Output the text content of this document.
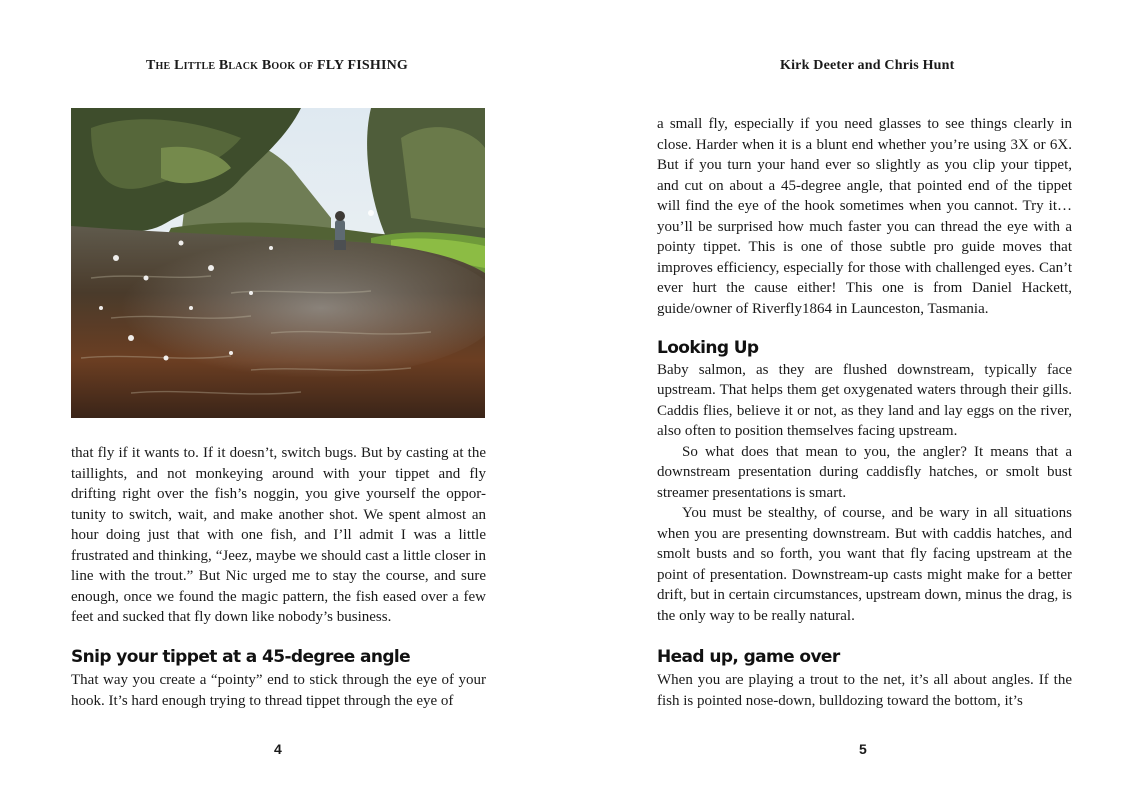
The Little Black Book of FLY FISHING

that fly if it wants to. If it doesn’t, switch bugs. But by casting at the taillights, and not monkeying around with your tippet and fly drifting right over the fish’s noggin, you give yourself the oppor-tunity to switch, wait, and make another shot. We spent almost an hour doing just that with one fish, and I’ll admit I was a little frustrated and thinking, “Jeez, maybe we should cast a little closer in line with the trout.” But Nic urged me to stay the course, and sure enough, once we found the magic pattern, the fish eased over a few feet and sucked that fly down like nobody’s business.

Snip your tippet at a 45-degree angle

That way you create a “pointy” end to stick through the eye of your hook. It’s hard enough trying to thread tippet through the eye of

4
Kirk Deeter and Chris Hunt

a small fly, especially if you need glasses to see things clearly in close. Harder when it is a blunt end whether you’re using 3X or 6X. But if you turn your hand ever so slightly as you clip your tippet, and cut on about a 45-degree angle, that pointed end of the tippet will find the eye of the hook sometimes when you cannot. Try it… you’ll be surprised how much faster you can thread the eye with a pointy tippet. This is one of those subtle pro guide moves that improves efficiency, especially for those with challenged eyes. Can’t ever hurt the cause either! This one is from Daniel Hackett, guide/owner of Riverfly1864 in Launceston, Tasmania.

Looking Up

Baby salmon, as they are flushed downstream, typically face upstream. That helps them get oxygenated waters through their gills. Caddis flies, believe it or not, as they land and lay eggs on the river, also often to position themselves facing upstream.

So what does that mean to you, the angler? It means that a downstream presentation during caddisfly hatches, or smolt bust streamer presentations is smart.

You must be stealthy, of course, and be wary in all situations when you are presenting downstream. But with caddis hatches, and smolt busts and so forth, you want that fly facing upstream at the point of presentation. Downstream-up casts might make for a better drift, but in certain circumstances, upstream down, minus the drag, is the only way to be really natural.

Head up, game over

When you are playing a trout to the net, it’s all about angles. If the fish is pointed nose-down, bulldozing toward the bottom, it’s

5
